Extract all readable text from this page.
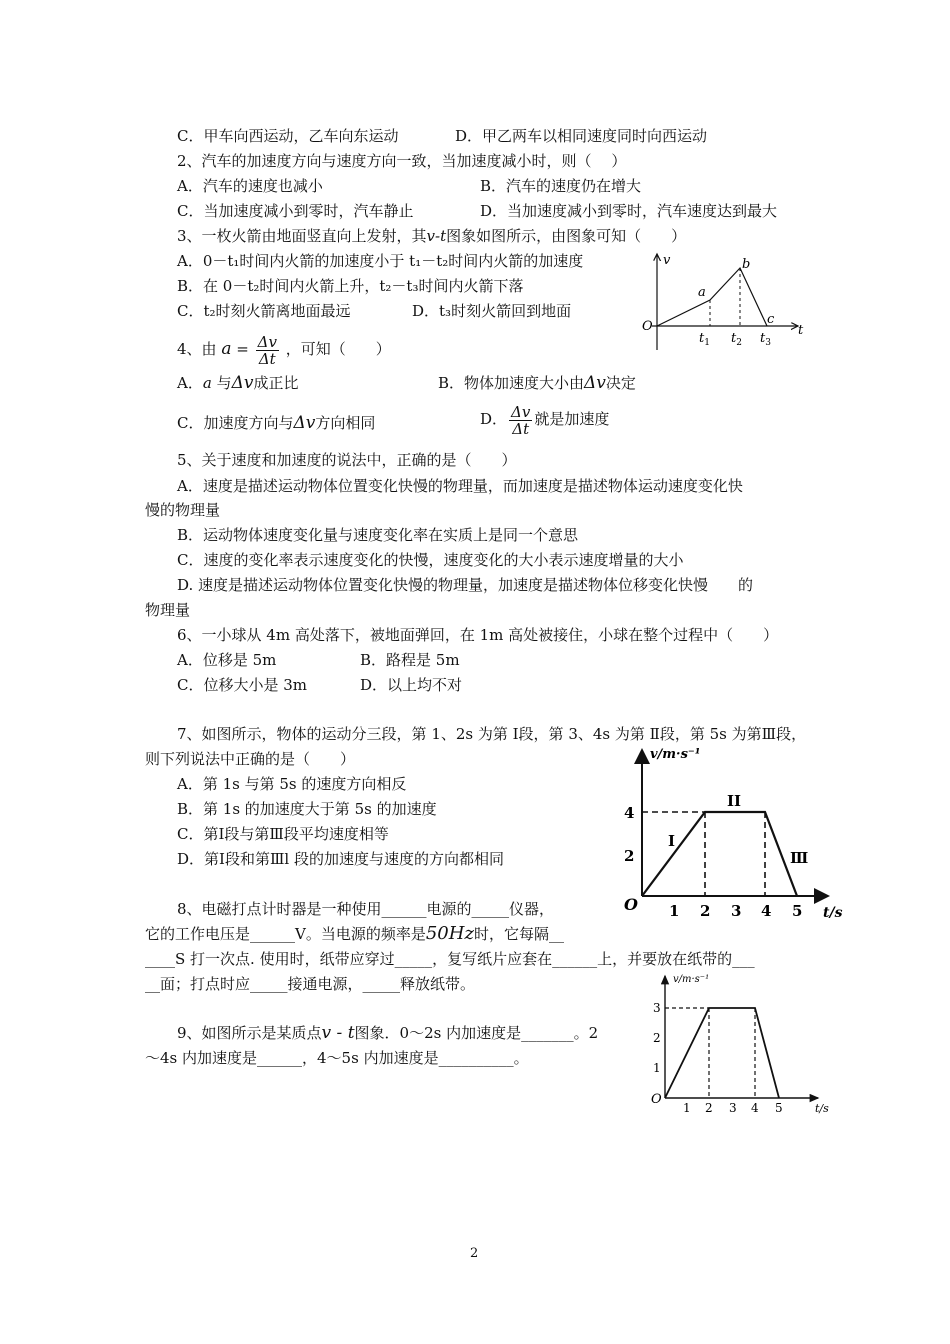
C．甲车向西运动，乙车向东运动	D．甲乙两车以相同速度同时向西运动
2、汽车的加速度方向与速度方向一致，当加速度减小时，则（　 ）
A．汽车的速度也减小	B．汽车的速度仍在增大
C．当加速度减小到零时，汽车静止	D．当加速度减小到零时，汽车速度达到最大
3、一枚火箭由地面竖直向上发射，其v-t图象如图所示，由图象可知（　　）
A．0－t₁时间内火箭的加速度小于 t₁－t₂时间内火箭的加速度
B．在 0－t₂时间内火箭上升，t₂－t₃时间内火箭下落
C．t₂时刻火箭离地面最远	D．t₃时刻火箭回到地面
v
t
O
a
b
c
$t_1$ $t_2$ $t_3$
4、由 $a = \frac{\Delta v}{\Delta t}$ ，可知（　　）
A．a 与Δv成正比	B．物体加速度大小由Δv决定
C．加速度方向与Δv方向相同	D． $\frac{\Delta v}{\Delta t}$ 就是加速度
5、关于速度和加速度的说法中，正确的是（　　）
A．速度是描述运动物体位置变化快慢的物理量，而加速度是描述物体运动速度变化快
慢的物理量
B．运动物体速度变化量与速度变化率在实质上是同一个意思
C．速度的变化率表示速度变化的快慢，速度变化的大小表示速度增量的大小
D. 速度是描述运动物体位置变化快慢的物理量，加速度是描述物体位移变化快慢　　的
物理量
6、一小球从 4m 高处落下，被地面弹回，在 1m 高处被接住，小球在整个过程中（　　）
A．位移是 5m	B．路程是 5m
C．位移大小是 3m	D．以上均不对
7、如图所示，物体的运动分三段，第 1、2s 为第 Ⅰ段，第 3、4s 为第 Ⅱ段，第 5s 为第Ⅲ段，
则下列说法中正确的是（　　）
A．第 1s 与第 5s 的速度方向相反
B．第 1s 的加速度大于第 5s 的加速度
C．第Ⅰ段与第Ⅲ段平均速度相等
D．第Ⅰ段和第Ⅲl 段的加速度与速度的方向都相同
v/m·s⁻¹
t/s
O
4
2
1 2 3 4 5
I
II
Ⅲ
8、电磁打点计时器是一种使用______电源的_____仪器，
它的工作电压是______V。当电源的频率是50Hz时，它每隔__
____S 打一次点. 使用时，纸带应穿过_____，复写纸片应套在______上，并要放在纸带的___
__面；打点时应_____接通电源，_____释放纸带。
9、如图所示是某质点v - t图象．0～2s 内加速度是_______。2
～4s 内加速度是______，4～5s 内加速度是__________。
v/m·s⁻¹
t/s
O
3
2
1
1 2 3 4 5
2
